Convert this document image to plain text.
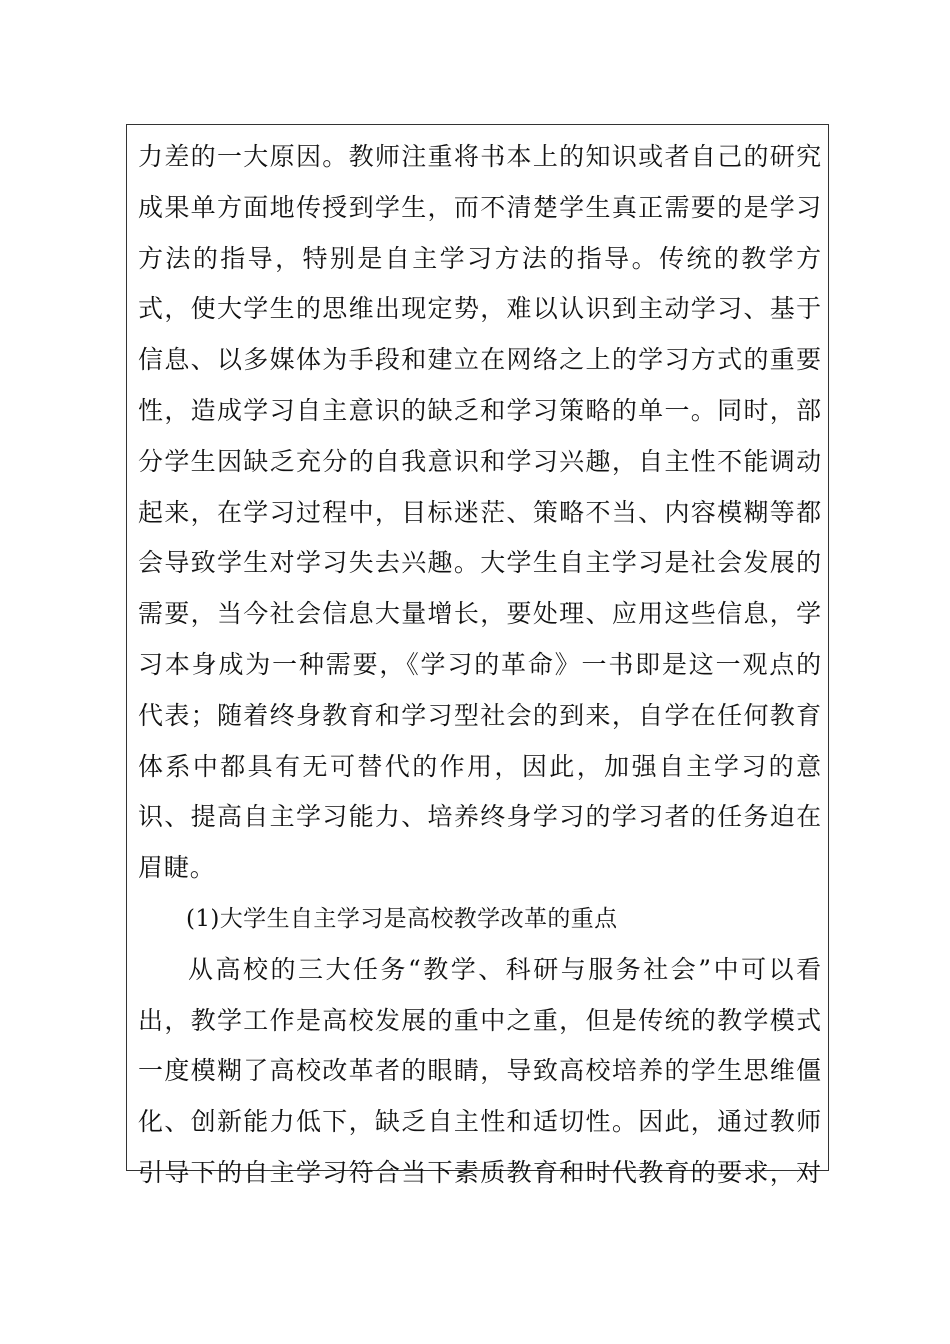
力差的一大原因。教师注重将书本上的知识或者自己的研究
成果单方面地传授到学生，而不清楚学生真正需要的是学习
方法的指导，特别是自主学习方法的指导。传统的教学方
式，使大学生的思维出现定势，难以认识到主动学习、基于
信息、以多媒体为手段和建立在网络之上的学习方式的重要
性，造成学习自主意识的缺乏和学习策略的单一。同时，部
分学生因缺乏充分的自我意识和学习兴趣，自主性不能调动
起来，在学习过程中，目标迷茫、策略不当、内容模糊等都
会导致学生对学习失去兴趣。大学生自主学习是社会发展的
需要，当今社会信息大量增长，要处理、应用这些信息，学
习本身成为一种需要，《学习的革命》一书即是这一观点的
代表；随着终身教育和学习型社会的到来，自学在任何教育
体系中都具有无可替代的作用，因此，加强自主学习的意
识、提高自主学习能力、培养终身学习的学习者的任务迫在
眉睫。
(1)大学生自主学习是高校教学改革的重点
从高校的三大任务“教学、科研与服务社会”中可以看
出，教学工作是高校发展的重中之重，但是传统的教学模式
一度模糊了高校改革者的眼睛，导致高校培养的学生思维僵
化、创新能力低下，缺乏自主性和适切性。因此，通过教师
引导下的自主学习符合当下素质教育和时代教育的要求，对
